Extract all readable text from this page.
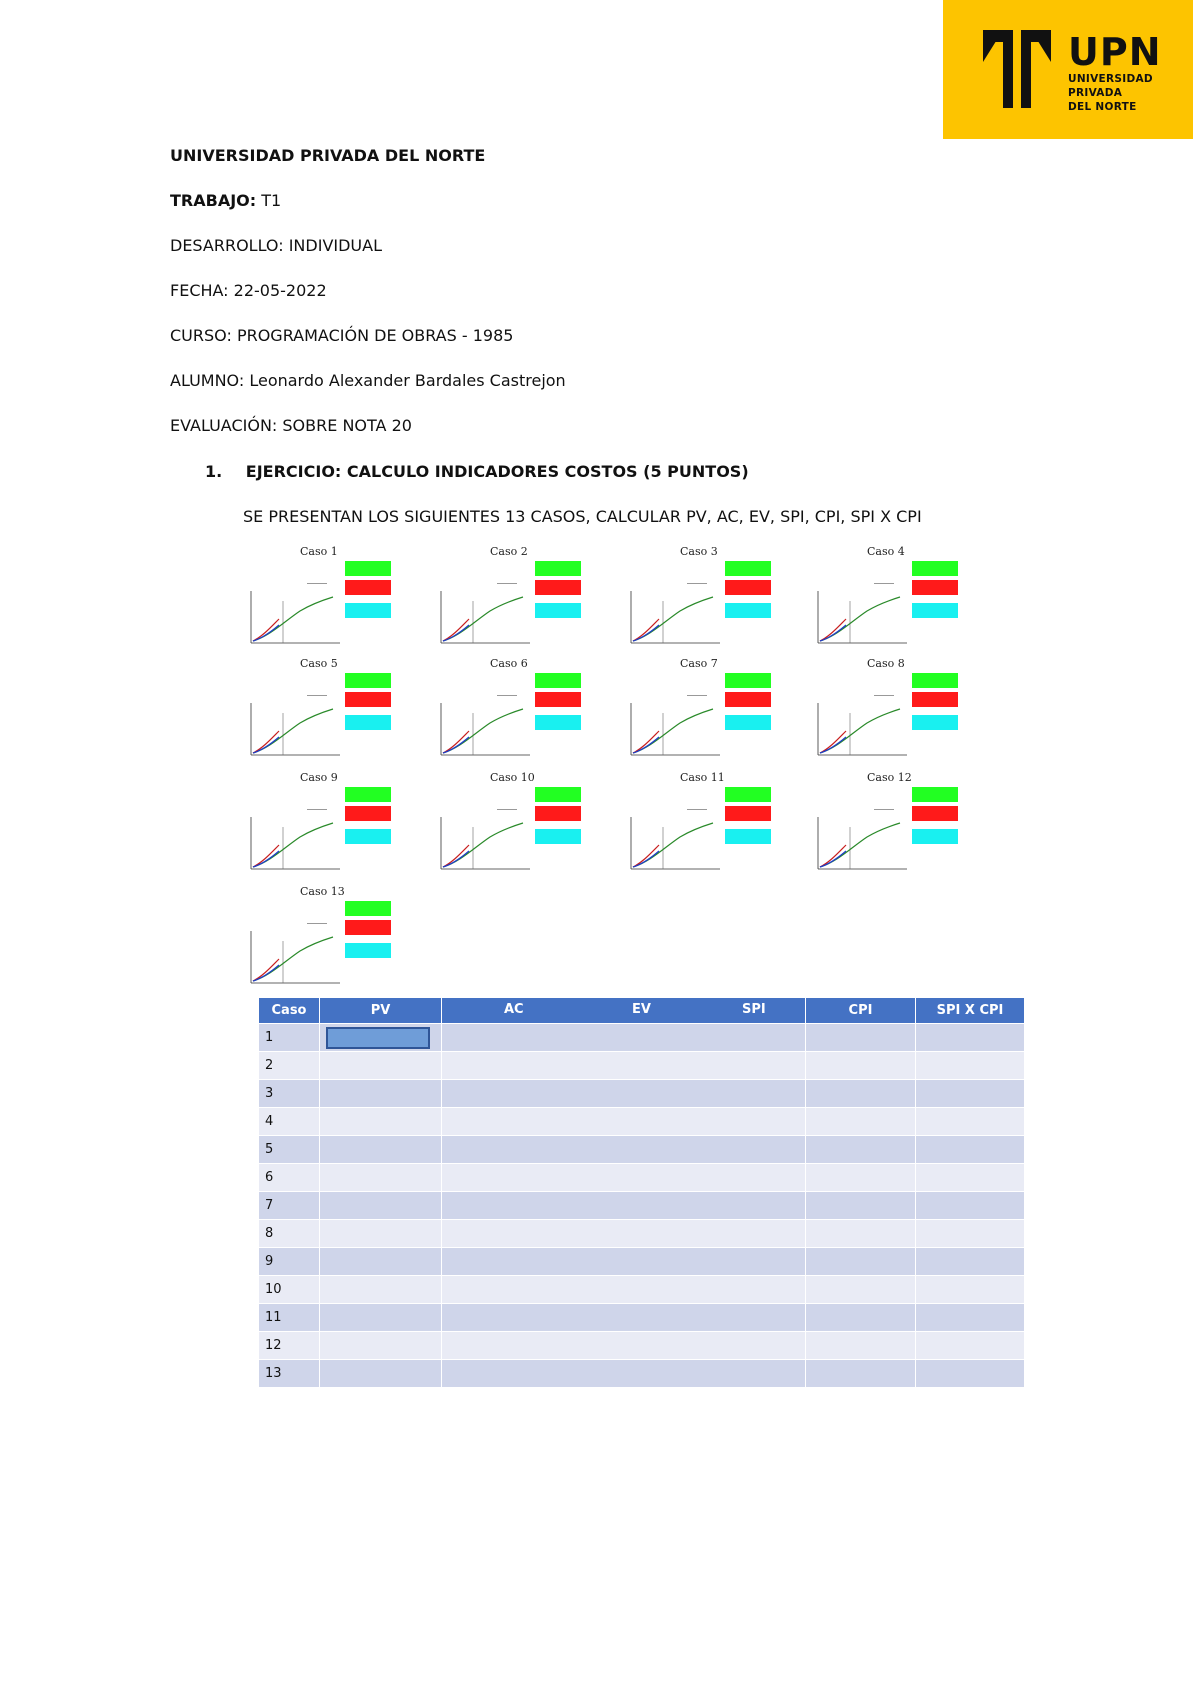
UPN
UNIVERSIDAD
PRIVADA
DEL NORTE
UNIVERSIDAD PRIVADA DEL NORTE
TRABAJO: T1
DESARROLLO: INDIVIDUAL
FECHA: 22-05-2022
CURSO: PROGRAMACIÓN DE OBRAS - 1985
ALUMNO: Leonardo Alexander Bardales Castrejon
EVALUACIÓN: SOBRE NOTA 20
1. EJERCICIO: CALCULO INDICADORES COSTOS (5 PUNTOS)
SE PRESENTAN LOS SIGUIENTES 13 CASOS, CALCULAR PV, AC, EV, SPI, CPI, SPI X CPI
Caso 1	Caso 2	Caso 3	Caso 4
Caso 5	Caso 6	Caso 7	Caso 8
Caso 9	Caso 10	Caso 11	Caso 12
Caso 13
Caso	PV	AC EV SPI	CPI	SPI X CPI
1	

2				
3				
4				
5				
6				
7				
8				
9				
10				
11				
12				
13				
